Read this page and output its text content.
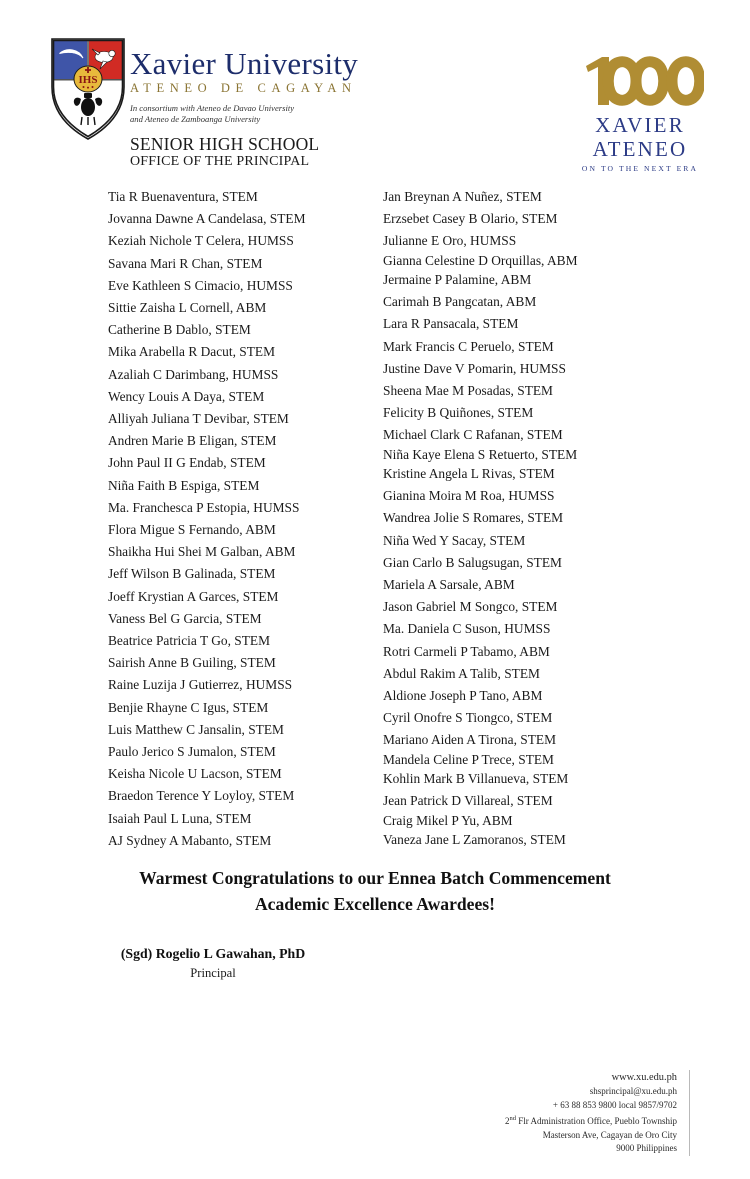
IHS Xavier University
ATENEO DE CAGAYAN
In consortium with Ateneo de Davao University
and Ateneo de Zamboanga University
SENIOR HIGH SCHOOL
OFFICE OF THE PRINCIPAL
XAVIER
ATENEO
ON TO THE NEXT ERA
Tia R Buenaventura, STEM
Jovanna Dawne A Candelasa, STEM
Keziah Nichole T Celera, HUMSS
Savana Mari R Chan, STEM
Eve Kathleen S Cimacio, HUMSS
Sittie Zaisha L Cornell, ABM
Catherine B Dablo, STEM
Mika Arabella R Dacut, STEM
Azaliah C Darimbang, HUMSS
Wency Louis A Daya, STEM
Alliyah Juliana T Devibar, STEM
Andren Marie B Eligan, STEM
John Paul II G Endab, STEM
Niña Faith B Espiga, STEM
Ma. Franchesca P Estopia, HUMSS
Flora Migue S Fernando, ABM
Shaikha Hui Shei M Galban, ABM
Jeff Wilson B Galinada, STEM
Joeff Krystian A Garces, STEM
Vaness Bel G Garcia, STEM
Beatrice Patricia T Go, STEM
Sairish Anne B Guiling, STEM
Raine Luzija J Gutierrez, HUMSS
Benjie Rhayne C Igus, STEM
Luis Matthew C Jansalin, STEM
Paulo Jerico S Jumalon, STEM
Keisha Nicole U Lacson, STEM
Braedon Terence Y Loyloy, STEM
Isaiah Paul L Luna, STEM
AJ Sydney A Mabanto, STEM
Jan Breynan A Nuñez, STEM
Erzsebet Casey B Olario, STEM
Julianne E Oro, HUMSS
Gianna Celestine D Orquillas, ABM
Jermaine P Palamine, ABM
Carimah B Pangcatan, ABM
Lara R Pansacala, STEM
Mark Francis C Peruelo, STEM
Justine Dave V Pomarin, HUMSS
Sheena Mae M Posadas, STEM
Felicity B Quiñones, STEM
Michael Clark C Rafanan, STEM
Niña Kaye Elena S Retuerto, STEM
Kristine Angela L Rivas, STEM
Gianina Moira M Roa, HUMSS
Wandrea Jolie S Romares, STEM
Niña Wed Y Sacay, STEM
Gian Carlo B Salugsugan, STEM
Mariela A Sarsale, ABM
Jason Gabriel M Songco, STEM
Ma. Daniela C Suson, HUMSS
Rotri Carmeli P Tabamo, ABM
Abdul Rakim A Talib, STEM
Aldione Joseph P Tano, ABM
Cyril Onofre S Tiongco, STEM
Mariano Aiden A Tirona, STEM
Mandela Celine P Trece, STEM
Kohlin Mark B Villanueva, STEM
Jean Patrick D Villareal, STEM
Craig Mikel P Yu, ABM
Vaneza Jane L Zamoranos, STEM
Warmest Congratulations to our Ennea Batch Commencement
Academic Excellence Awardees!
(Sgd) Rogelio L Gawahan, PhD
Principal
www.xu.edu.ph
shsprincipal@xu.edu.ph
+ 63 88 853 9800 local 9857/9702
2nd Flr Administration Office, Pueblo Township
Masterson Ave, Cagayan de Oro City
9000 Philippines
